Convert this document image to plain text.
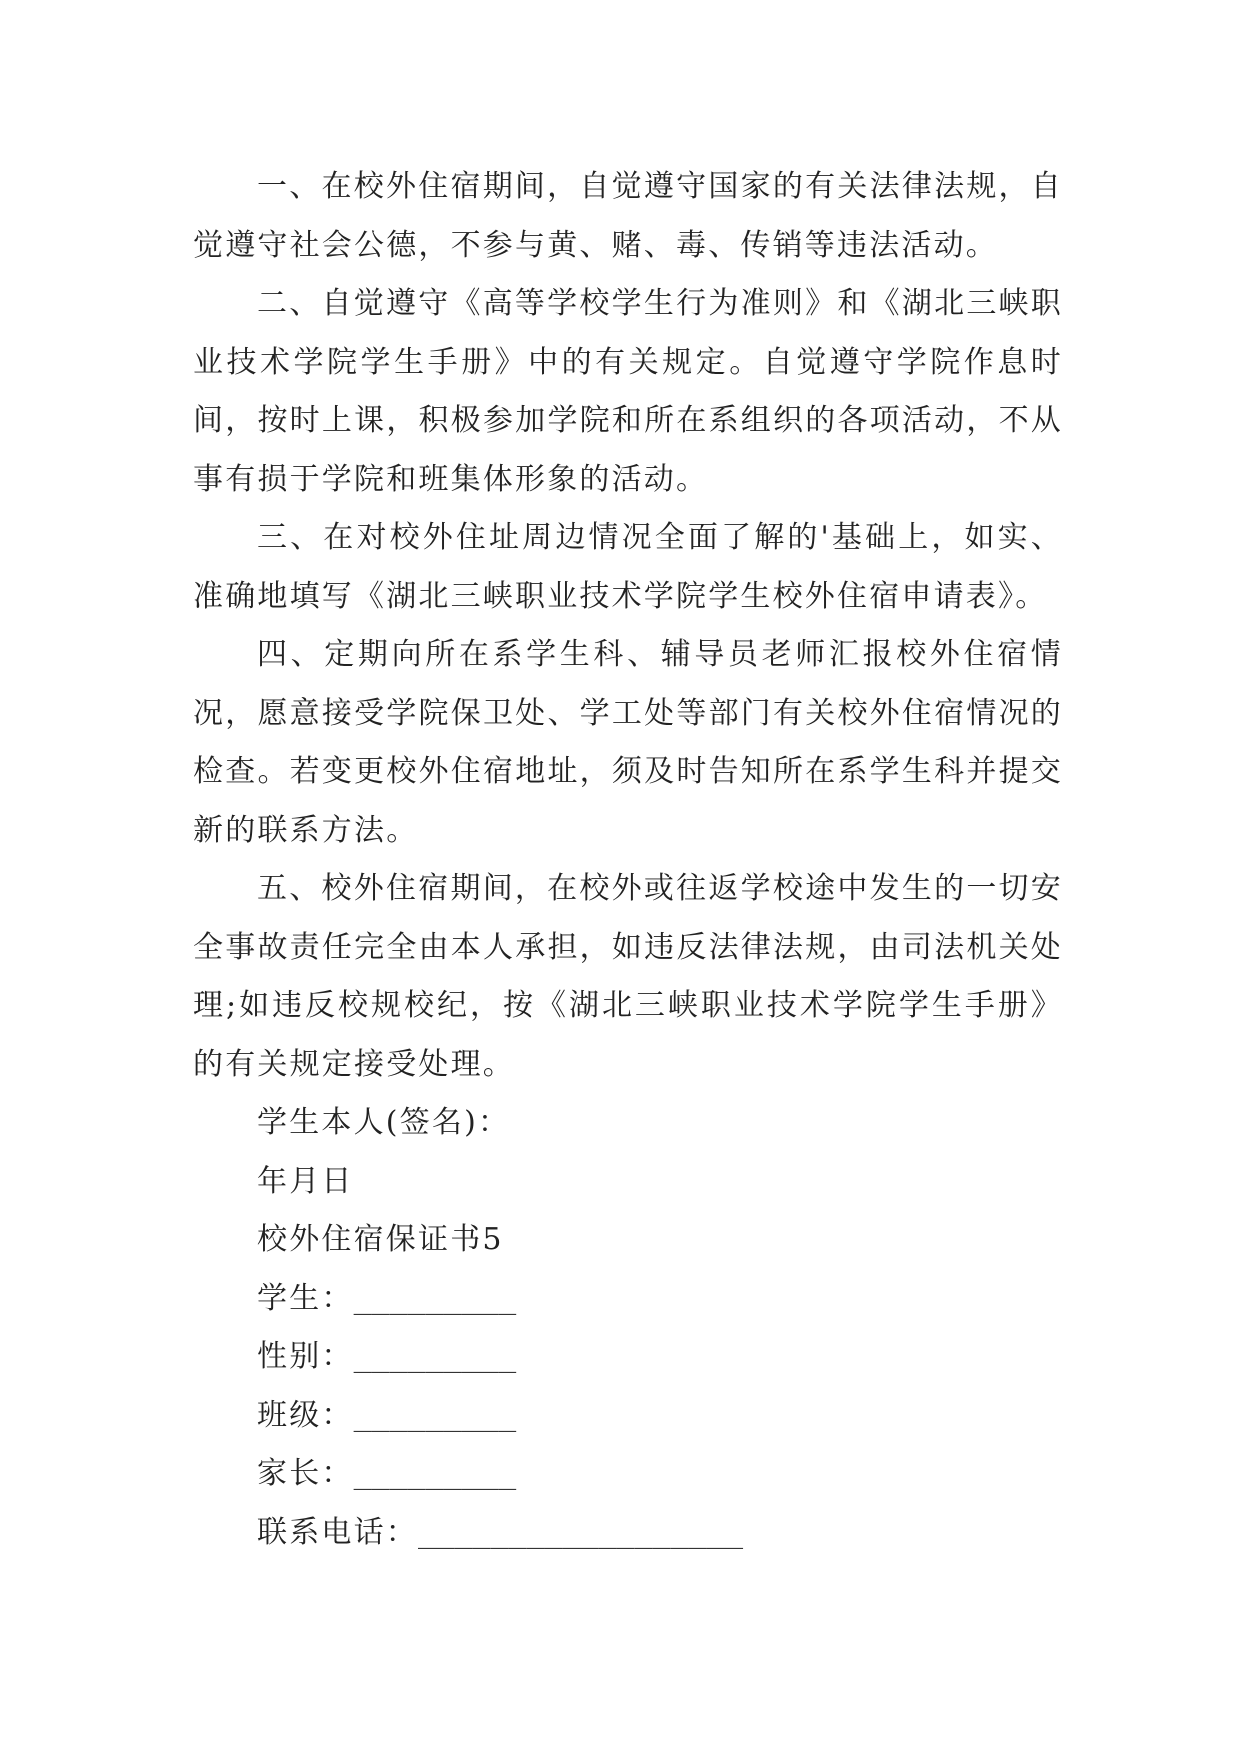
一、在校外住宿期间，自觉遵守国家的有关法律法规，自觉遵守社会公德，不参与黄、赌、毒、传销等违法活动。

二、自觉遵守《高等学校学生行为准则》和《湖北三峡职业技术学院学生手册》中的有关规定。自觉遵守学院作息时间，按时上课，积极参加学院和所在系组织的各项活动，不从事有损于学院和班集体形象的活动。

三、在对校外住址周边情况全面了解的'基础上，如实、准确地填写《湖北三峡职业技术学院学生校外住宿申请表》。

四、定期向所在系学生科、辅导员老师汇报校外住宿情况，愿意接受学院保卫处、学工处等部门有关校外住宿情况的检查。若变更校外住宿地址，须及时告知所在系学生科并提交新的联系方法。

五、校外住宿期间，在校外或往返学校途中发生的一切安全事故责任完全由本人承担，如违反法律法规，由司法机关处理;如违反校规校纪，按《湖北三峡职业技术学院学生手册》的有关规定接受处理。

学生本人(签名)：

年月日

校外住宿保证书5

学生：_________

性别：_________

班级：_________

家长：_________

联系电话：__________________
